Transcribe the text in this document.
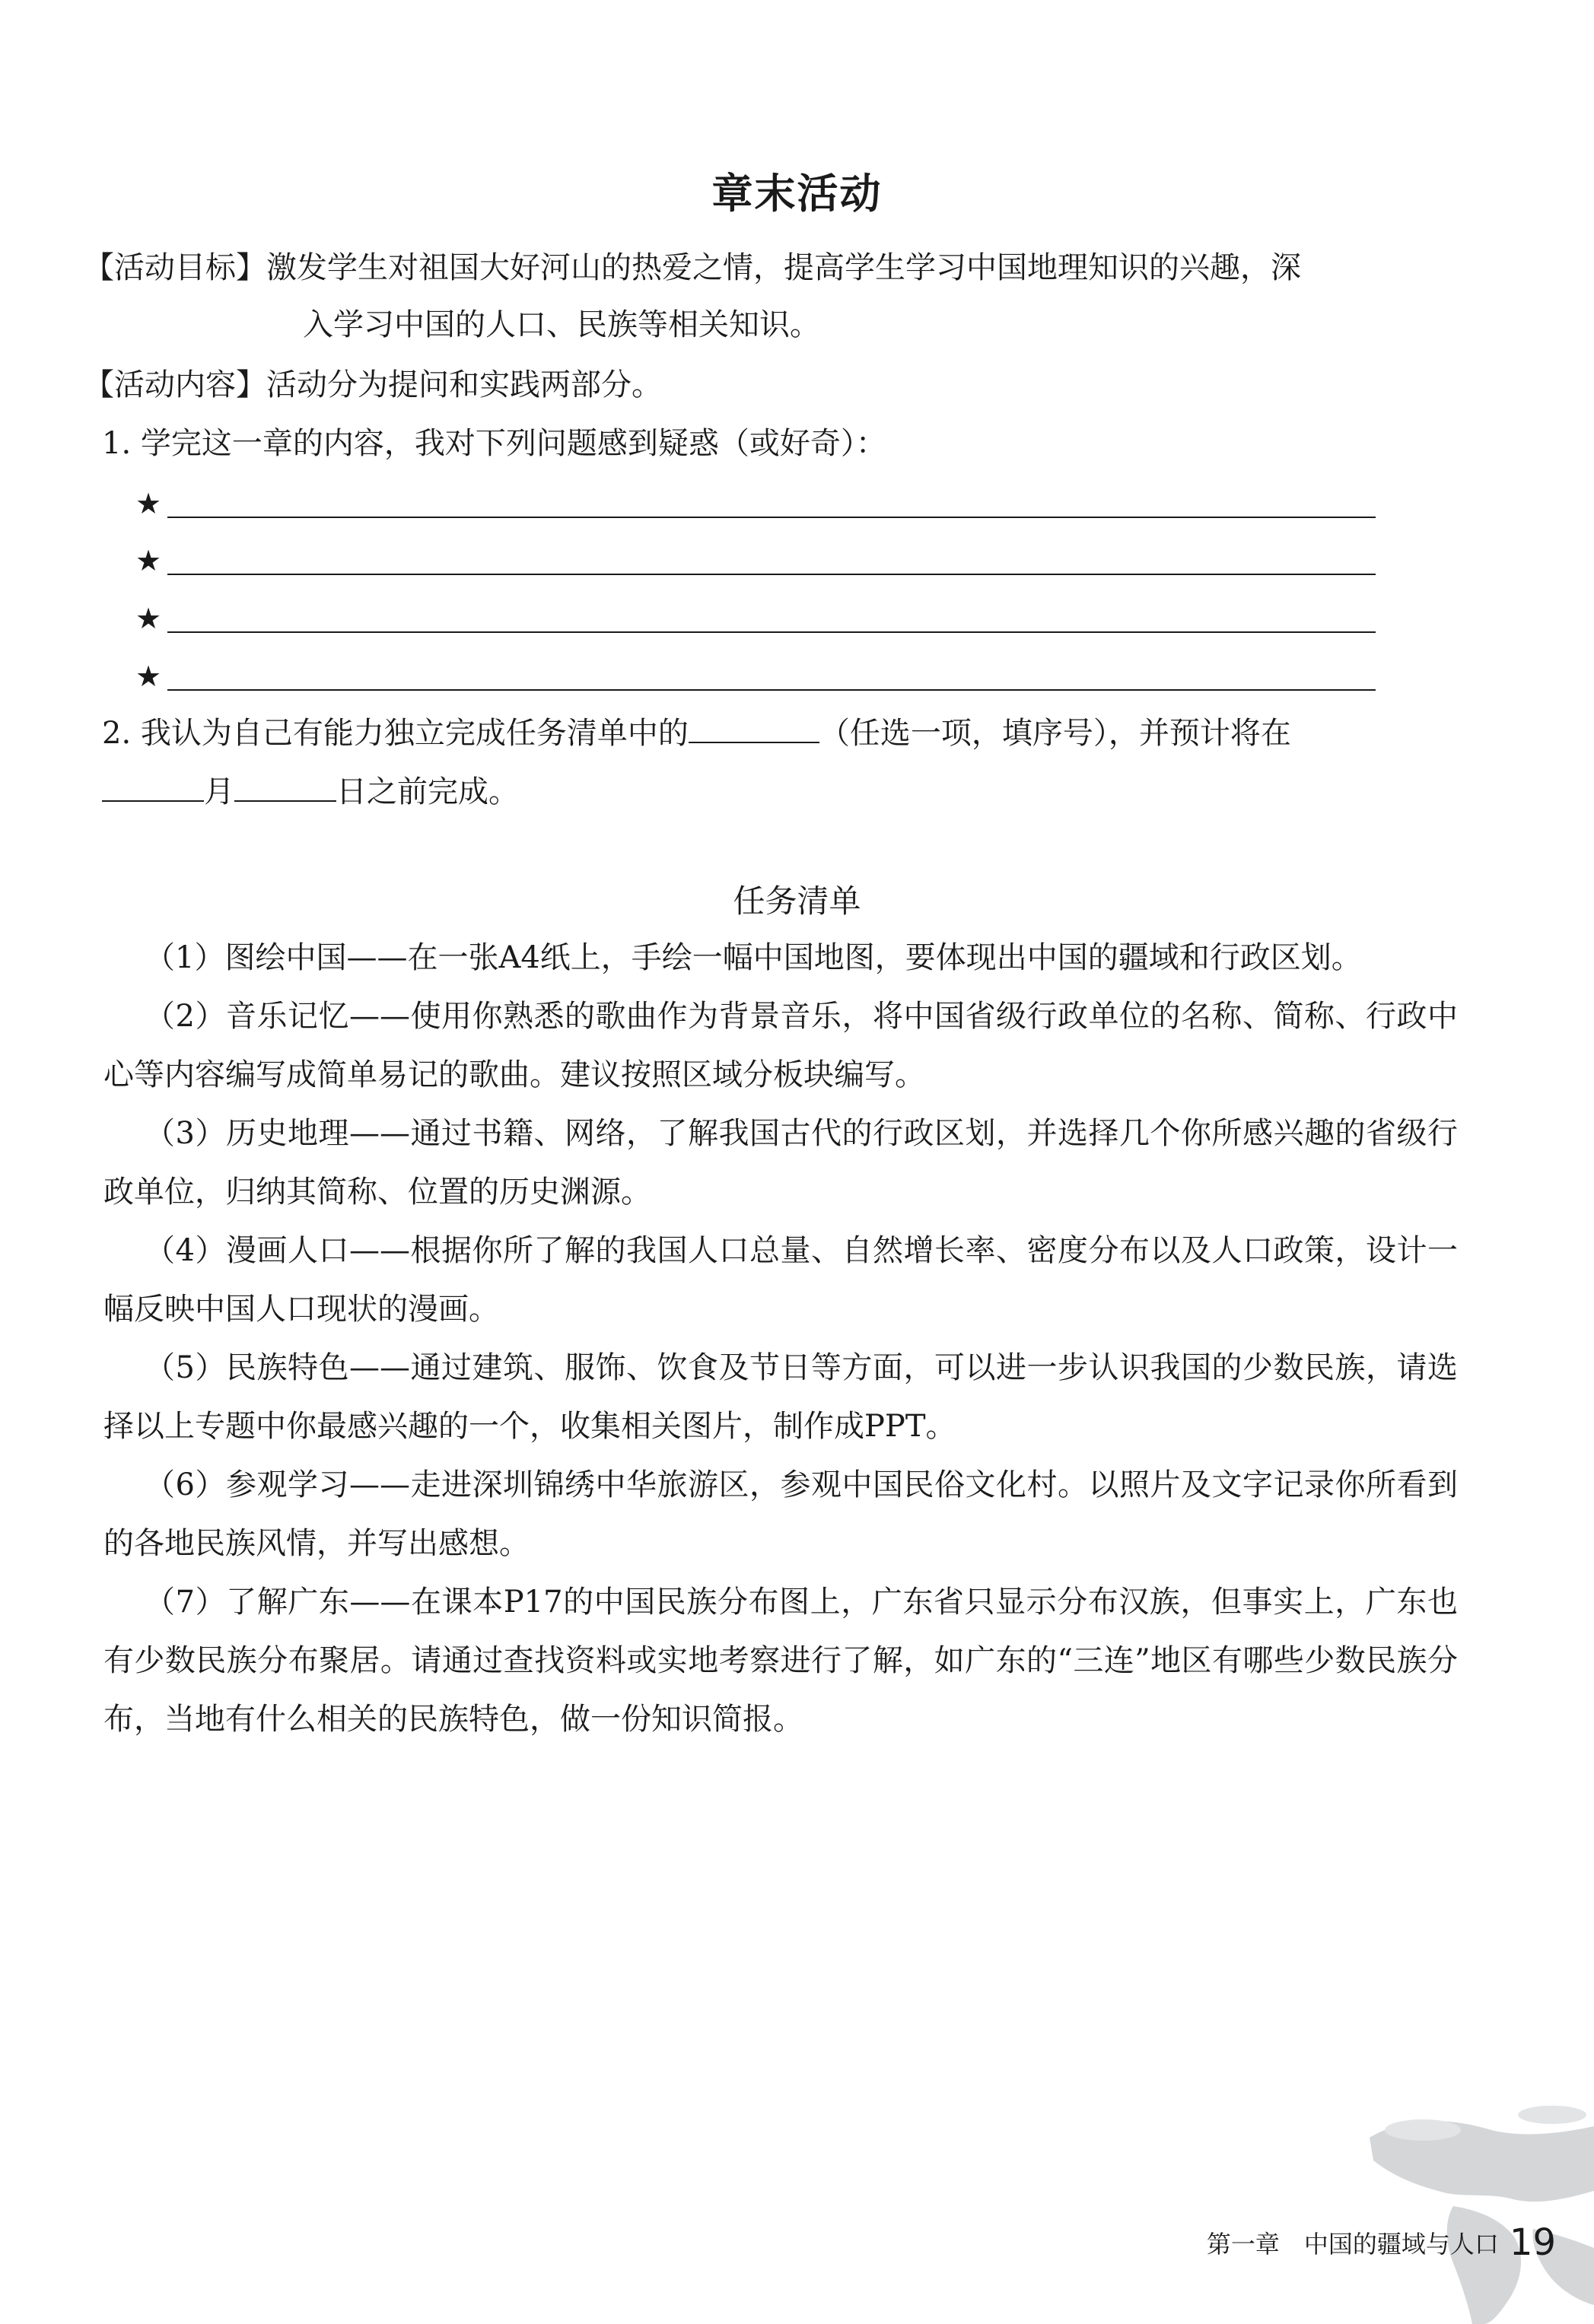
章末活动
【活动目标】激发学生对祖国大好河山的热爱之情，提高学生学习中国地理知识的兴趣，深
入学习中国的人口、民族等相关知识。
【活动内容】活动分为提问和实践两部分。
1. 学完这一章的内容，我对下列问题感到疑惑（或好奇）：
★
★
★
★
2. 我认为自己有能力独立完成任务清单中的	（任选一项，填序号），并预计将在
月	日之前完成。
任务清单
（1）图绘中国——在一张A4纸上，手绘一幅中国地图，要体现出中国的疆域和行政区划。
（2）音乐记忆——使用你熟悉的歌曲作为背景音乐，将中国省级行政单位的名称、简称、行政中心等内容编写成简单易记的歌曲。建议按照区域分板块编写。
（3）历史地理——通过书籍、网络，了解我国古代的行政区划，并选择几个你所感兴趣的省级行政单位，归纳其简称、位置的历史渊源。
（4）漫画人口——根据你所了解的我国人口总量、自然增长率、密度分布以及人口政策，设计一幅反映中国人口现状的漫画。
（5）民族特色——通过建筑、服饰、饮食及节日等方面，可以进一步认识我国的少数民族，请选择以上专题中你最感兴趣的一个，收集相关图片，制作成PPT。
（6）参观学习——走进深圳锦绣中华旅游区，参观中国民俗文化村。以照片及文字记录你所看到的各地民族风情，并写出感想。
（7）了解广东——在课本P17的中国民族分布图上，广东省只显示分布汉族，但事实上，广东也有少数民族分布聚居。请通过查找资料或实地考察进行了解，如广东的“三连”地区有哪些少数民族分布，当地有什么相关的民族特色，做一份知识简报。
第一章　中国的疆域与人口 19
